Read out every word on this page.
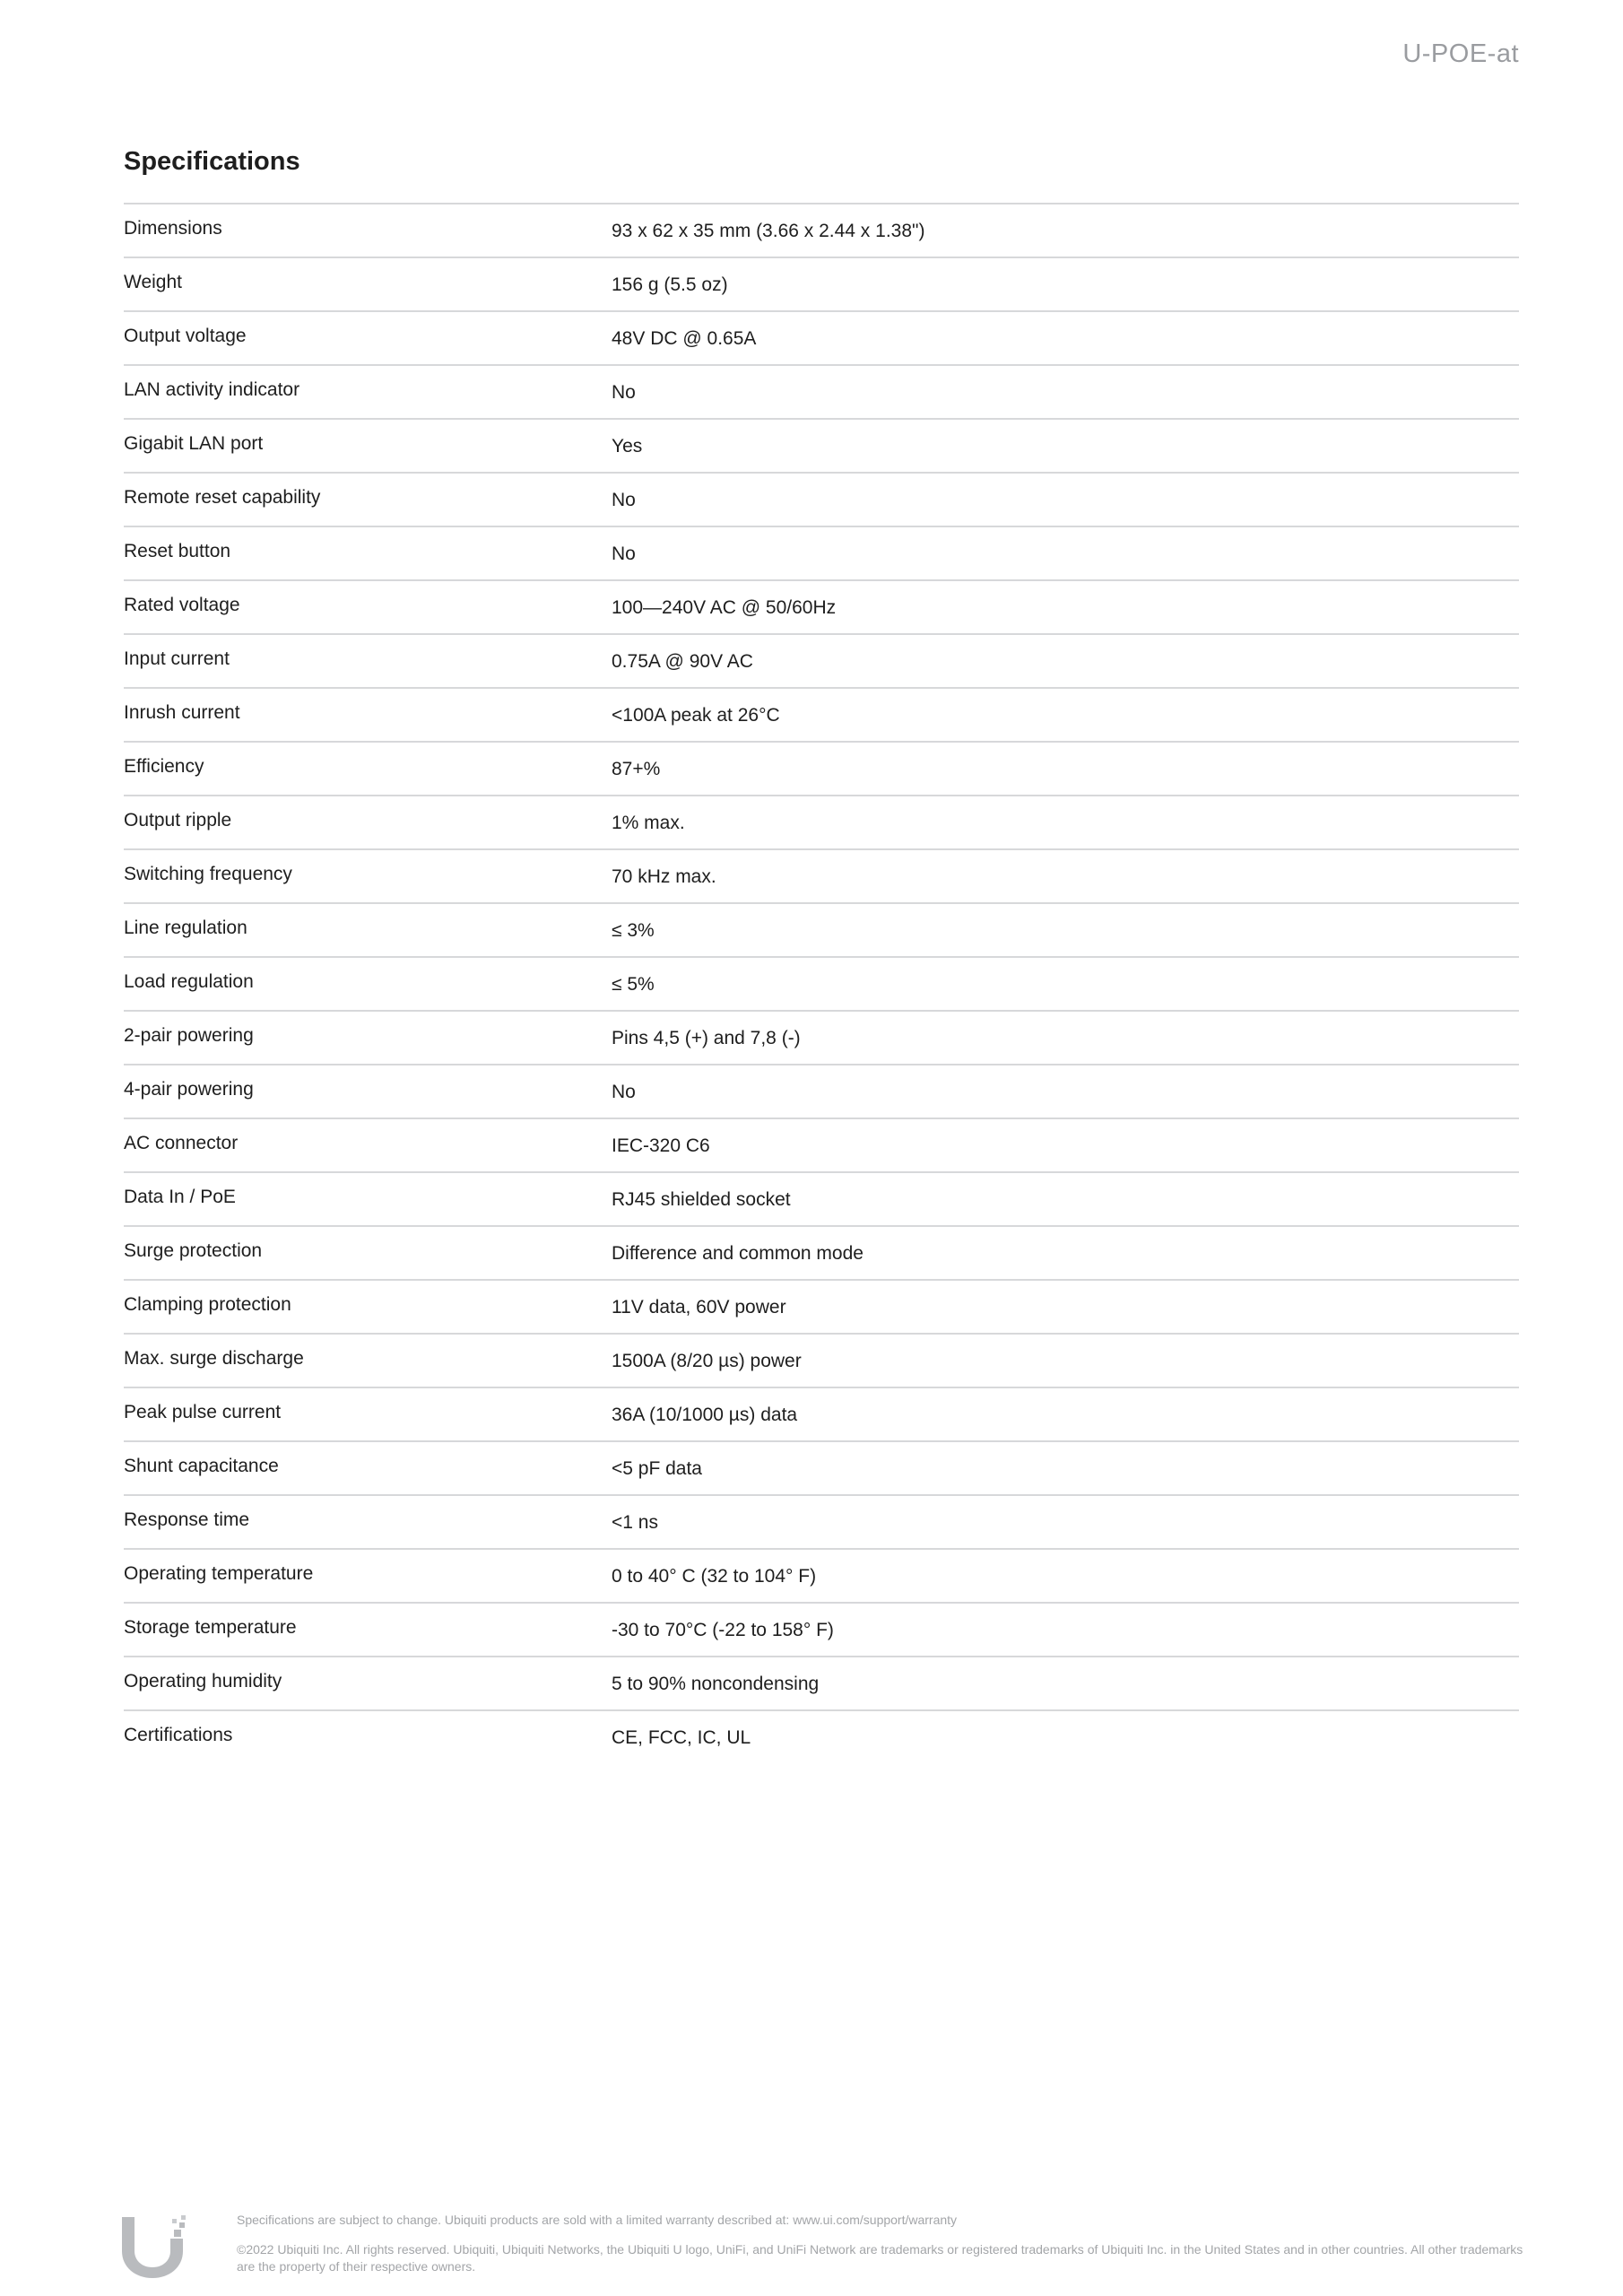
U-POE-at
Specifications
Dimensions	93 x 62 x 35 mm (3.66 x 2.44 x 1.38")
Weight	156 g (5.5 oz)
Output voltage	48V DC @ 0.65A
LAN activity indicator	No
Gigabit LAN port	Yes
Remote reset capability	No
Reset button	No
Rated voltage	100—240V AC @ 50/60Hz
Input current	0.75A @ 90V AC
Inrush current	<100A peak at 26°C
Efficiency	87+%
Output ripple	1% max.
Switching frequency	70 kHz max.
Line regulation	≤ 3%
Load regulation	≤ 5%
2-pair powering	Pins 4,5 (+) and 7,8 (-)
4-pair powering	No
AC connector	IEC-320 C6
Data In / PoE	RJ45 shielded socket
Surge protection	Difference and common mode
Clamping protection	11V data, 60V power
Max. surge discharge	1500A (8/20 µs) power
Peak pulse current	36A (10/1000 µs) data
Shunt capacitance	<5 pF data
Response time	<1 ns
Operating temperature	0 to 40° C (32 to 104° F)
Storage temperature	-30 to 70°C (-22 to 158° F)
Operating humidity	5 to 90% noncondensing
Certifications	CE, FCC, IC, UL

Specifications are subject to change. Ubiquiti products are sold with a limited warranty described at: www.ui.com/support/warranty

©2022 Ubiquiti Inc. All rights reserved. Ubiquiti, Ubiquiti Networks, the Ubiquiti U logo, UniFi, and UniFi Network are trademarks or registered trademarks of Ubiquiti Inc. in the United States and in other countries. All other trademarks are the property of their respective owners.
